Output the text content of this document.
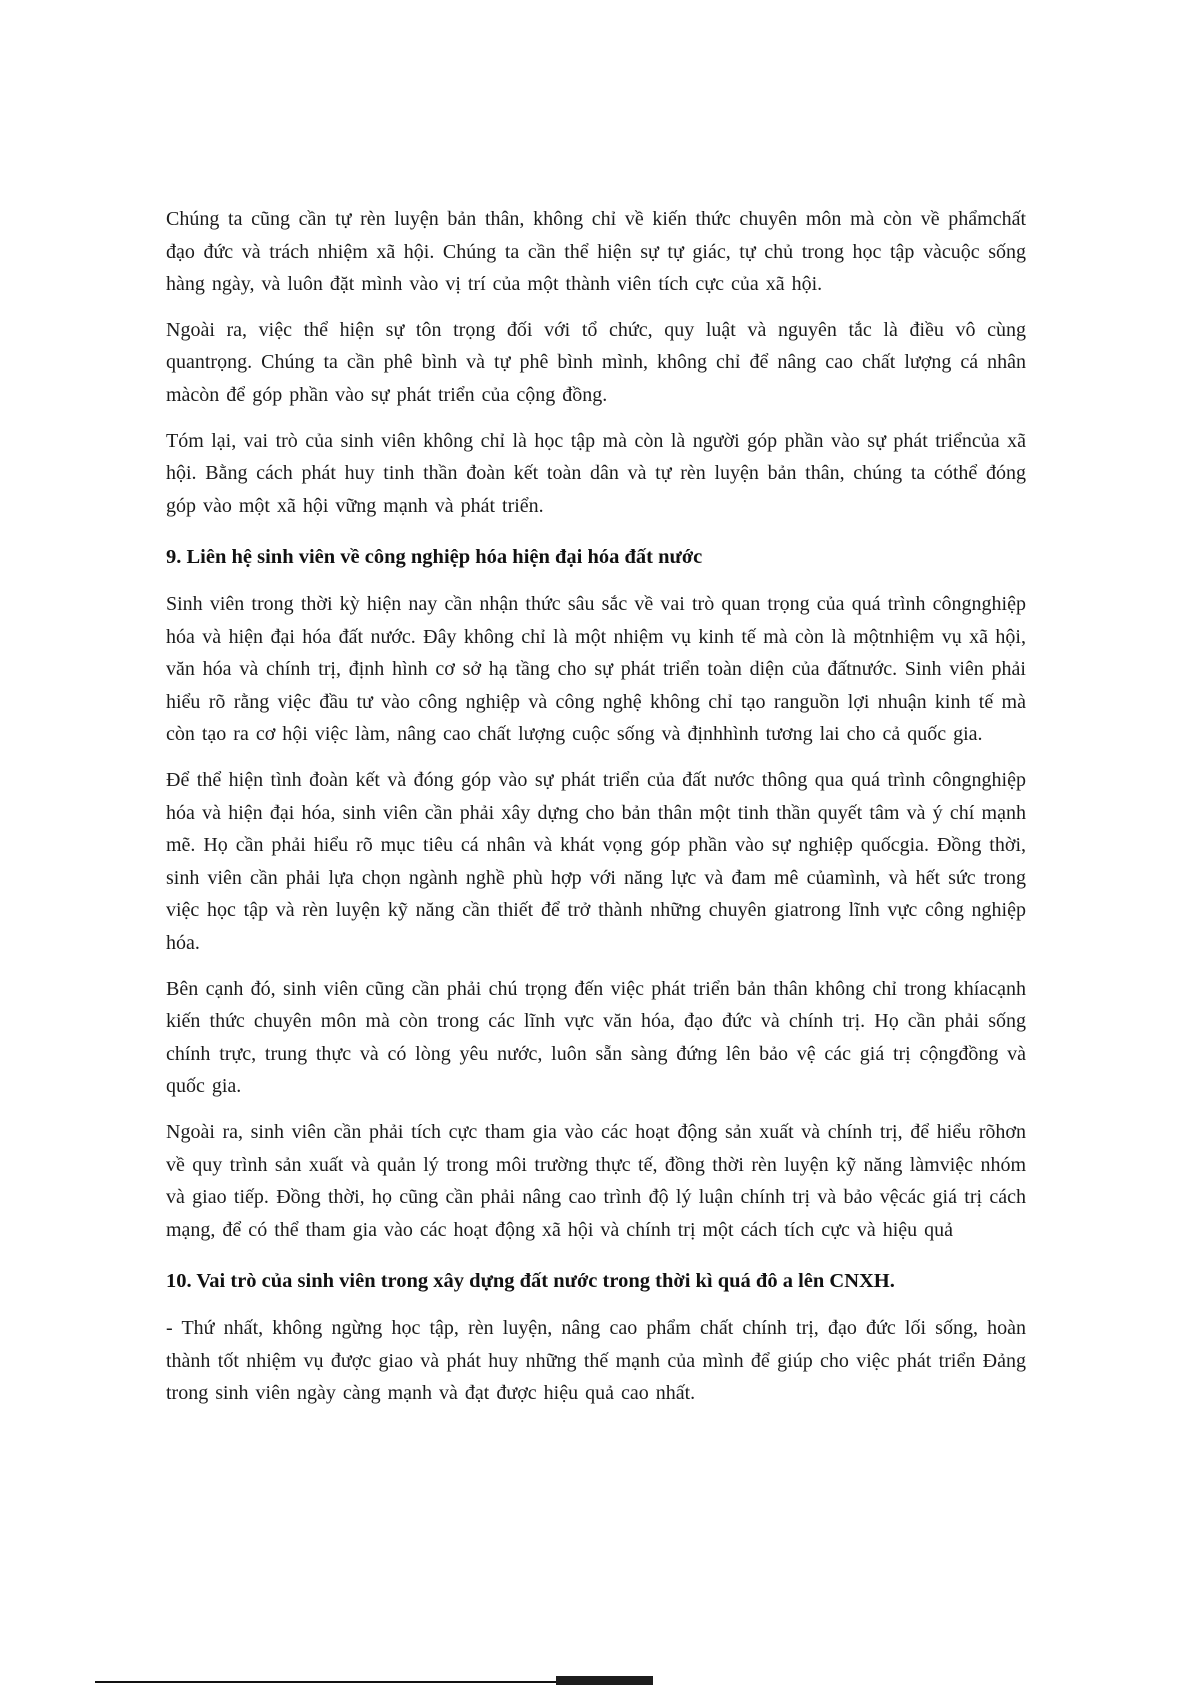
Chúng ta cũng cần tự rèn luyện bản thân, không chỉ về kiến thức chuyên môn mà còn về phẩmchất đạo đức và trách nhiệm xã hội. Chúng ta cần thể hiện sự tự giác, tự chủ trong học tập vàcuộc sống hàng ngày, và luôn đặt mình vào vị trí của một thành viên tích cực của xã hội.

Ngoài ra, việc thể hiện sự tôn trọng đối với tổ chức, quy luật và nguyên tắc là điều vô cùng quantrọng. Chúng ta cần phê bình và tự phê bình mình, không chỉ để nâng cao chất lượng cá nhân màcòn để góp phần vào sự phát triển của cộng đồng.

Tóm lại, vai trò của sinh viên không chỉ là học tập mà còn là người góp phần vào sự phát triểncủa xã hội. Bằng cách phát huy tinh thần đoàn kết toàn dân và tự rèn luyện bản thân, chúng ta cóthể đóng góp vào một xã hội vững mạnh và phát triển.

9. Liên hệ sinh viên về công nghiệp hóa hiện đại hóa đất nước

Sinh viên trong thời kỳ hiện nay cần nhận thức sâu sắc về vai trò quan trọng của quá trình côngnghiệp hóa và hiện đại hóa đất nước. Đây không chỉ là một nhiệm vụ kinh tế mà còn là mộtnhiệm vụ xã hội, văn hóa và chính trị, định hình cơ sở hạ tầng cho sự phát triển toàn diện của đấtnước. Sinh viên phải hiểu rõ rằng việc đầu tư vào công nghiệp và công nghệ không chỉ tạo ranguồn lợi nhuận kinh tế mà còn tạo ra cơ hội việc làm, nâng cao chất lượng cuộc sống và địnhhình tương lai cho cả quốc gia.

Để thể hiện tình đoàn kết và đóng góp vào sự phát triển của đất nước thông qua quá trình côngnghiệp hóa và hiện đại hóa, sinh viên cần phải xây dựng cho bản thân một tinh thần quyết tâm và ý chí mạnh mẽ. Họ cần phải hiểu rõ mục tiêu cá nhân và khát vọng góp phần vào sự nghiệp quốcgia. Đồng thời, sinh viên cần phải lựa chọn ngành nghề phù hợp với năng lực và đam mê củamình, và hết sức trong việc học tập và rèn luyện kỹ năng cần thiết để trở thành những chuyên giatrong lĩnh vực công nghiệp hóa.

Bên cạnh đó, sinh viên cũng cần phải chú trọng đến việc phát triển bản thân không chỉ trong khíacạnh kiến thức chuyên môn mà còn trong các lĩnh vực văn hóa, đạo đức và chính trị. Họ cần phải sống chính trực, trung thực và có lòng yêu nước, luôn sẵn sàng đứng lên bảo vệ các giá trị cộngđồng và quốc gia.

Ngoài ra, sinh viên cần phải tích cực tham gia vào các hoạt động sản xuất và chính trị, để hiểu rõhơn về quy trình sản xuất và quản lý trong môi trường thực tế, đồng thời rèn luyện kỹ năng làmviệc nhóm và giao tiếp. Đồng thời, họ cũng cần phải nâng cao trình độ lý luận chính trị và bảo vệcác giá trị cách mạng, để có thể tham gia vào các hoạt động xã hội và chính trị một cách tích cực và hiệu quả

10. Vai trò của sinh viên trong xây dựng đất nước trong thời kì quá đô a lên CNXH.

- Thứ nhất, không ngừng học tập, rèn luyện, nâng cao phẩm chất chính trị, đạo đức lối sống, hoàn thành tốt nhiệm vụ được giao và phát huy những thế mạnh của mình để giúp cho việc phát triển Đảng trong sinh viên ngày càng mạnh và đạt được hiệu quả cao nhất.
